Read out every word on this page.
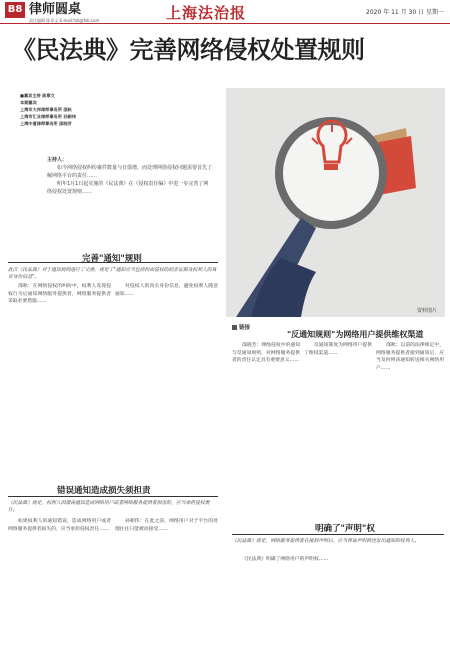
B8 律师圆桌
责任编辑 陈章文 E-mail:fzb@fzb.com	上海法治报	2020 年 11 月 30 日 星期一
《民法典》完善网络侵权处置规则
■嘉宾主持 陈章文
本期嘉宾
上海市大邦律师事务所 邵秋
上海市汇业律师事务所 孙朝伟
上海中夏律师事务所 邵晓芳
主持人：

如今网络侵权纠纷案件数量与日俱增，而处理网络侵权问题需要首先了解网络平台的责任……

明年1月1日起实施的《民法典》在《侵权责任编》中进一步完善了网络侵权处置规则……

资料图片
完善"通知"规则
此次《民法典》对于通知规则进行了完善，规定了"通知应当包括构成侵权的初步证据及权利人的真实身份信息"。

邵秋：在网络侵权的纠纷中，权利人发现侵权行为后通知网络服务提供者，网络服务提供者采取必要措施……

对侵权人的真实身份信息，避免权利人随意通知……

链接
"反通知规则"为网络用户提供维权渠道

邵晓芳：网络侵权中的通知与反通知规则，对网络服务提供者的责任认定具有重要意义……

反通知制度为网络用户提供了维权渠道……

邵秋：以前的法律规定中，网络服务提供者接到通知后，应当及时将该通知转送相关网络用户……

错误通知造成损失须担责
《民法典》规定，权利人因错误通知造成网络用户或者网络服务提供者损害的，应当承担侵权责任。

如果权利人的通知错误，造成网络用户或者网络服务提供者损失的，应当承担侵权责任……

孙朝伟：在此之前，网络用户对于平台的处理往往只能被动接受……	明确了"声明"权
《民法典》规定，网络服务提供者在接到声明后，应当将该声明转送发出通知的权利人。

《民法典》明确了网络用户的声明权……
